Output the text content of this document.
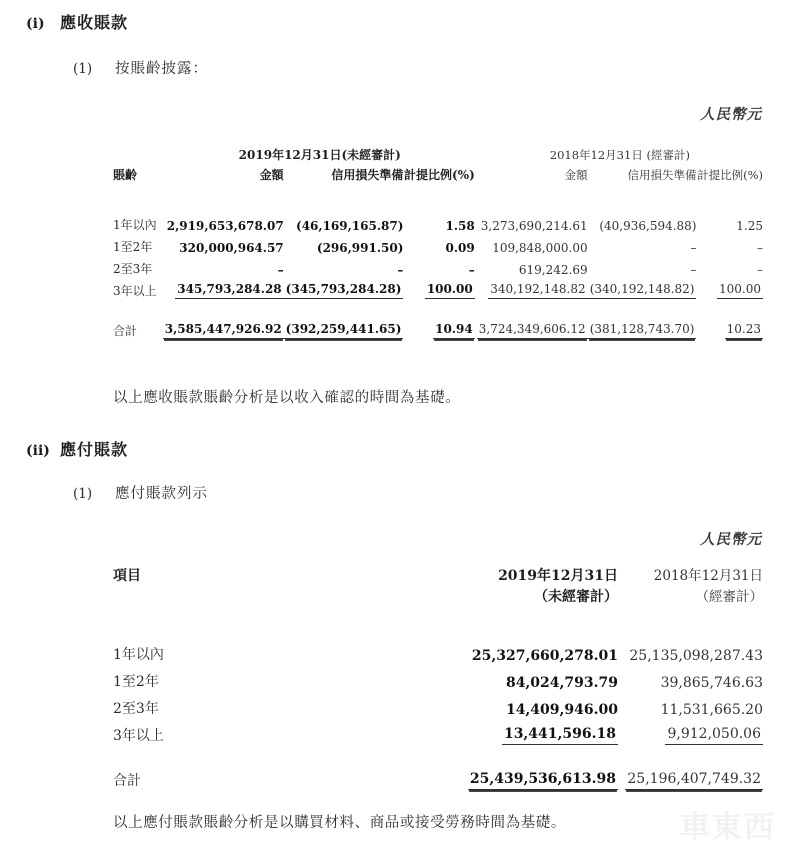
(i) 應收賬款
(1)	按賬齡披露：
人民幣元
	2019年12月31日(未經審計)			2018年12月31日 (經審計)		
賬齡	金額	信用損失準備	計提比例(%)	金額	信用損失準備	計提比例(%)

1年以內	2,919,653,678.07	(46,169,165.87)	1.58	3,273,690,214.61	(40,936,594.88)	1.25
1至2年	320,000,964.57	(296,991.50)	0.09	109,848,000.00	–	–
2至3年	–	–	–	619,242.69	–	–
3年以上	345,793,284.28	(345,793,284.28)	100.00	340,192,148.82	(340,192,148.82)	100.00

合計	3,585,447,926.92	(392,259,441.65)	10.94	3,724,349,606.12	(381,128,743.70)	10.23
以上應收賬款賬齡分析是以收入確認的時間為基礎。
(ii) 應付賬款
(1)	應付賬款列示
人民幣元
項目	2019年12月31日	2018年12月31日
	（未經審計）	（經審計）

1年以內	25,327,660,278.01	25,135,098,287.43
1至2年	84,024,793.79	39,865,746.63
2至3年	14,409,946.00	11,531,665.20
3年以上	13,441,596.18	9,912,050.06

合計	25,439,536,613.98	25,196,407,749.32
以上應付賬款賬齡分析是以購買材料、商品或接受勞務時間為基礎。	車東西
